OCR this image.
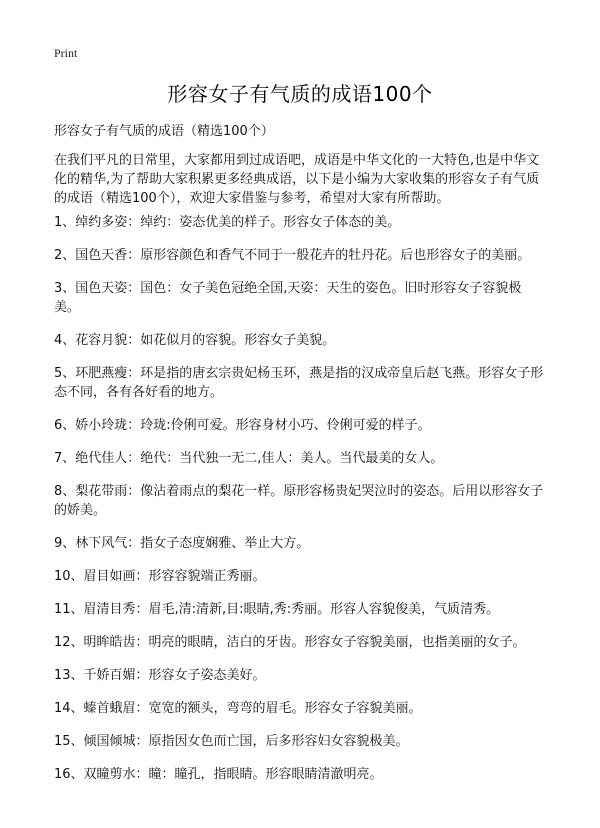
Print
形容女子有气质的成语100个

形容女子有气质的成语（精选100个）

在我们平凡的日常里，大家都用到过成语吧，成语是中华文化的一大特色,也是中华文化的精华,为了帮助大家积累更多经典成语，以下是小编为大家收集的形容女子有气质的成语（精选100个），欢迎大家借鉴与参考，希望对大家有所帮助。

1、绰约多姿：绰约：姿态优美的样子。形容女子体态的美。
2、国色天香：原形容颜色和香气不同于一般花卉的牡丹花。后也形容女子的美丽。
3、国色天姿：国色：女子美色冠绝全国,天姿：天生的姿色。旧时形容女子容貌极美。
4、花容月貌：如花似月的容貌。形容女子美貌。
5、环肥燕瘦：环是指的唐玄宗贵妃杨玉环，燕是指的汉成帝皇后赵飞燕。形容女子形态不同，各有各好看的地方。
6、娇小玲珑：玲珑:伶俐可爱。形容身材小巧、伶俐可爱的样子。
7、绝代佳人：绝代：当代独一无二,佳人：美人。当代最美的女人。
8、梨花带雨：像沾着雨点的梨花一样。原形容杨贵妃哭泣时的姿态。后用以形容女子的娇美。
9、林下风气：指女子态度娴雅、举止大方。
10、眉目如画：形容容貌端正秀丽。
11、眉清目秀：眉毛,清:清新,目:眼睛,秀:秀丽。形容人容貌俊美，气质清秀。
12、明眸皓齿：明亮的眼睛，洁白的牙齿。形容女子容貌美丽，也指美丽的女子。
13、千娇百媚：形容女子姿态美好。
14、螓首蛾眉：宽宽的额头，弯弯的眉毛。形容女子容貌美丽。
15、倾国倾城：原指因女色而亡国，后多形容妇女容貌极美。
16、双瞳剪水：瞳：瞳孔，指眼睛。形容眼睛清澈明亮。
